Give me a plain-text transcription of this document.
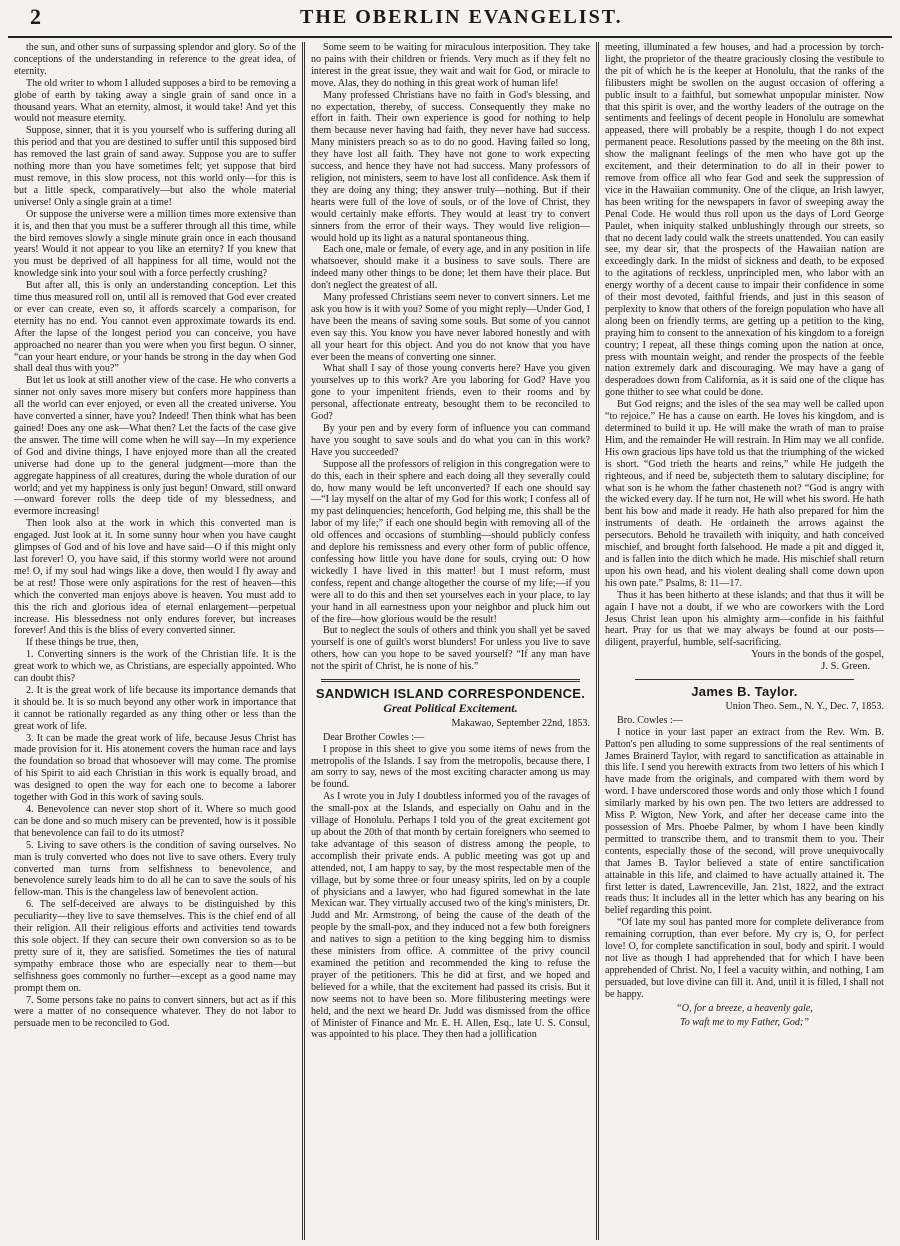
2	THE OBERLIN EVANGELIST.

the sun, and other suns of surpassing splendor and glory. So of the conceptions of the understanding in reference to the great idea, of eternity.

The old writer to whom I alluded supposes a bird to be removing a globe of earth by taking away a single grain of sand once in a thousand years. What an eternity, almost, it would take! And yet this would not measure eternity.

Suppose, sinner, that it is you yourself who is suffering during all this period and that you are destined to suffer until this supposed bird has removed the last grain of sand away. Suppose you are to suffer nothing more than you have sometimes felt; yet suppose that bird must remove, in this slow process, not this world only—for this is but a little speck, comparatively—but also the whole material universe! Only a single grain at a time!

Or suppose the universe were a million times more extensive than it is, and then that you must be a sufferer through all this time, while the bird removes slowly a single minute grain once in each thousand years! Would it not appear to you like an eternity? If you knew that you must be deprived of all happiness for all time, would not the knowledge sink into your soul with a force perfectly crushing?

But after all, this is only an understanding conception. Let this time thus measured roll on, until all is removed that God ever created or ever can create, even so, it affords scarcely a comparison, for eternity has no end. You cannot even approximate towards its end. After the lapse of the longest period you can conceive, you have approached no nearer than you were when you first begun. O sinner, “can your heart endure, or your hands be strong in the day when God shall deal thus with you?”

But let us look at still another view of the case. He who converts a sinner not only saves more misery but confers more happiness than all the world can ever enjoyed, or even all the created universe. You have converted a sinner, have you? Indeed! Then think what has been gained! Does any one ask—What then? Let the facts of the case give the answer. The time will come when he will say—In my experience of God and divine things, I have enjoyed more than all the created universe had done up to the general judgment—more than the aggregate happiness of all creatures, during the whole duration of our world; and yet my happiness is only just begun! Onward, still onward—onward forever rolls the deep tide of my blessedness, and evermore increasing!

Then look also at the work in which this converted man is engaged. Just look at it. In some sunny hour when you have caught glimpses of God and of his love and have said—O if this might only last forever! O, you have said, if this stormy world were not around me! O, if my soul had wings like a dove, then would I fly away and be at rest! Those were only aspirations for the rest of heaven—this which the converted man enjoys above is heaven. You must add to this the rich and glorious idea of eternal enlargement—perpetual increase. His blessedness not only endures forever, but increases forever! And this is the bliss of every converted sinner.

If these things be true, then,

1. Converting sinners is the work of the Christian life. It is the great work to which we, as Christians, are especially appointed. Who can doubt this?

2. It is the great work of life because its importance demands that it should be. It is so much beyond any other work in importance that it cannot be rationally regarded as any thing other or less than the great work of life.

3. It can be made the great work of life, because Jesus Christ has made provision for it. His atonement covers the human race and lays the foundation so broad that whosoever will may come. The promise of his Spirit to aid each Christian in this work is equally broad, and was designed to open the way for each one to become a laborer together with God in this work of saving souls.

4. Benevolence can never stop short of it. Where so much good can be done and so much misery can be prevented, how is it possible that benevolence can fail to do its utmost?

5. Living to save others is the condition of saving ourselves. No man is truly converted who does not live to save others. Every truly converted man turns from selfishness to benevolence, and benevolence surely leads him to do all he can to save the souls of his fellow-man. This is the changeless law of benevolent action.

6. The self-deceived are always to be distinguished by this peculiarity—they live to save themselves. This is the chief end of all their religion. All their religious efforts and activities tend towards this sole object. If they can secure their own conversion so as to be pretty sure of it, they are satisfied. Sometimes the ties of natural sympathy embrace those who are especially near to them—but selfishness goes commonly no further—except as a good name may prompt them on.

7. Some persons take no pains to convert sinners, but act as if this were a matter of no consequence whatever. They do not labor to persuade men to be reconciled to God.

Some seem to be waiting for miraculous interposition. They take no pains with their children or friends. Very much as if they felt no interest in the great issue, they wait and wait for God, or miracle to move. Alas, they do nothing in this great work of human life!

Many professed Christians have no faith in God's blessing, and no expectation, thereby, of success. Consequently they make no effort in faith. Their own experience is good for nothing to help them because never having had faith, they never have had success. Many ministers preach so as to do no good. Having failed so long, they have lost all faith. They have not gone to work expecting success, and hence they have not had success. Many professors of religion, not ministers, seem to have lost all confidence. Ask them if they are doing any thing; they answer truly—nothing. But if their hearts were full of the love of souls, or of the love of Christ, they would certainly make efforts. They would at least try to convert sinners from the error of their ways. They would live religion—would hold up its light as a natural spontaneous thing.

Each one, male or female, of every age, and in any position in life whatsoever, should make it a business to save souls. There are indeed many other things to be done; let them have their place. But don't neglect the greatest of all.

Many professed Christians seem never to convert sinners. Let me ask you how is it with you? Some of you might reply—Under God, I have been the means of saving some souls. But some of you cannot even say this. You know you have never labored honestly and with all your heart for this object. And you do not know that you have ever been the means of converting one sinner.

What shall I say of those young converts here? Have you given yourselves up to this work? Are you laboring for God? Have you gone to your impenitent friends, even to their rooms and by personal, affectionate entreaty, besought them to be reconciled to God?

By your pen and by every form of influence you can command have you sought to save souls and do what you can in this work? Have you succeeded?

Suppose all the professors of religion in this congregation were to do this, each in their sphere and each doing all they severally could do, how many would be left unconverted? If each one should say—“I lay myself on the altar of my God for this work; I confess all of my past delinquencies; henceforth, God helping me, this shall be the labor of my life;” if each one should begin with removing all of the old offences and occasions of stumbling—should publicly confess and deplore his remissness and every other form of public offence, confessing how little you have done for souls, crying out: O how wickedly I have lived in this matter! but I must reform, must confess, repent and change altogether the course of my life;—if you were all to do this and then set yourselves each in your place, to lay your hand in all earnestness upon your neighbor and pluck him out of the fire—how glorious would be the result!

But to neglect the souls of others and think you shall yet be saved yourself is one of guilt's worst blunders! For unless you live to save others, how can you hope to be saved yourself? “If any man have not the spirit of Christ, he is none of his.”

SANDWICH ISLAND CORRESPONDENCE.
Great Political Excitement.
Makawao, September 22nd, 1853.

Dear Brother Cowles :—

I propose in this sheet to give you some items of news from the metropolis of the Islands. I say from the metropolis, because there, I am sorry to say, news of the most exciting character among us may be found.

As I wrote you in July I doubtless informed you of the ravages of the small-pox at the Islands, and especially on Oahu and in the village of Honolulu. Perhaps I told you of the great excitement got up about the 20th of that month by certain foreigners who seemed to take advantage of this season of distress among the people, to accomplish their private ends. A public meeting was got up and attended, not, I am happy to say, by the most respectable men of the village, but by some three or four uneasy spirits, led on by a couple of physicians and a lawyer, who had figured somewhat in the late Mexican war. They virtually accused two of the king's ministers, Dr. Judd and Mr. Armstrong, of being the cause of the death of the people by the small-pox, and they induced not a few both foreigners and natives to sign a petition to the king begging him to dismiss these ministers from office. A committee of the privy council examined the petition and recommended the king to refuse the prayer of the petitioners. This he did at first, and we hoped and believed for a while, that the excitement had passed its crisis. But it now seems not to have been so. More filibustering meetings were held, and the next we heard Dr. Judd was dismissed from the office of Minister of Finance and Mr. E. H. Allen, Esq., late U. S. Consul, was appointed to his place. They then had a jollification

meeting, illuminated a few houses, and had a procession by torch-light, the proprietor of the theatre graciously closing the vestibule to the pit of which he is the keeper at Honolulu, that the ranks of the filibusters might be swollen on the august occasion of offering a public insult to a faithful, but somewhat unpopular minister. Now that this spirit is over, and the worthy leaders of the outrage on the sentiments and feelings of decent people in Honolulu are somewhat appeased, there will probably be a respite, though I do not expect permanent peace. Resolutions passed by the meeting on the 8th inst. show the malignant feelings of the men who have got up the excitement, and their determination to do all in their power to remove from office all who fear God and seek the suppression of vice in the Hawaiian community. One of the clique, an Irish lawyer, has been writing for the newspapers in favor of sweeping away the Penal Code. He would thus roll upon us the days of Lord George Paulet, when iniquity stalked unblushingly through our streets, so that no decent lady could walk the streets unattended. You can easily see, my dear sir, that the prospects of the Hawaiian nation are exceedingly dark. In the midst of sickness and death, to be exposed to the agitations of reckless, unprincipled men, who labor with an energy worthy of a decent cause to impair their confidence in some of their most devoted, faithful friends, and just in this season of perplexity to know that others of the foreign population who have all along been on friendly terms, are getting up a petition to the king, praying him to consent to the annexation of his kingdom to a foreign country; I repeat, all these things coming upon the nation at once, press with mountain weight, and render the prospects of the feeble nation extremely dark and discouraging. We may have a gang of desperadoes down from California, as it is said one of the clique has gone thither to see what could be done.

But God reigns; and the isles of the sea may well be called upon “to rejoice.” He has a cause on earth. He loves his kingdom, and is determined to build it up. He will make the wrath of man to praise Him, and the remainder He will restrain. In Him may we all confide. His own gracious lips have told us that the triumphing of the wicked is short. “God trieth the hearts and reins,” while He judgeth the righteous, and if need be, subjecteth them to salutary discipline; for what son is he whom the father chasteneth not? “God is angry with the wicked every day. If he turn not, He will whet his sword. He hath bent his bow and made it ready. He hath also prepared for him the instruments of death. He ordaineth the arrows against the persecutors. Behold he travaileth with iniquity, and hath conceived mischief, and brought forth falsehood. He made a pit and digged it, and is fallen into the ditch which he made. His mischief shall return upon his own head, and his violent dealing shall come down upon his own pate.” Psalms, 8: 11—17.

Thus it has been hitherto at these islands; and that thus it will be again I have not a doubt, if we who are coworkers with the Lord Jesus Christ lean upon his almighty arm—confide in his faithful heart. Pray for us that we may always be found at our posts—diligent, prayerful, humble, self-sacrificing.

Yours in the bonds of the gospel,

J. S. Green.
James B. Taylor.
Union Theo. Sem., N. Y., Dec. 7, 1853.

Bro. Cowles :—

I notice in your last paper an extract from the Rev. Wm. B. Patton's pen alluding to some suppressions of the real sentiments of James Brainerd Taylor, with regard to sanctification as attainable in this life. I send you herewith extracts from two letters of his which I have made from the originals, and compared with them word by word. I have underscored those words and only those which I found similarly marked by his own pen. The two letters are addressed to Miss P. Wigton, New York, and after her decease came into the possession of Mrs. Phoebe Palmer, by whom I have been kindly permitted to transcribe them, and to transmit them to you. Their contents, especially those of the second, will prove unequivocally that James B. Taylor believed a state of entire sanctification attainable in this life, and claimed to have actually attained it. The first letter is dated, Lawrenceville, Jan. 21st, 1822, and the extract reads thus: It includes all in the letter which has any bearing on his belief regarding this point.

“Of late my soul has panted more for complete deliverance from remaining corruption, than ever before. My cry is, O, for perfect love! O, for complete sanctification in soul, body and spirit. I would not live as though I had apprehended that for which I have been apprehended of Christ. No, I feel a vacuity within, and nothing, I am persuaded, but love divine can fill it. And, until it is filled, I shall not be happy.

“O, for a breeze, a heavenly gale,
To waft me to my Father, God;”
